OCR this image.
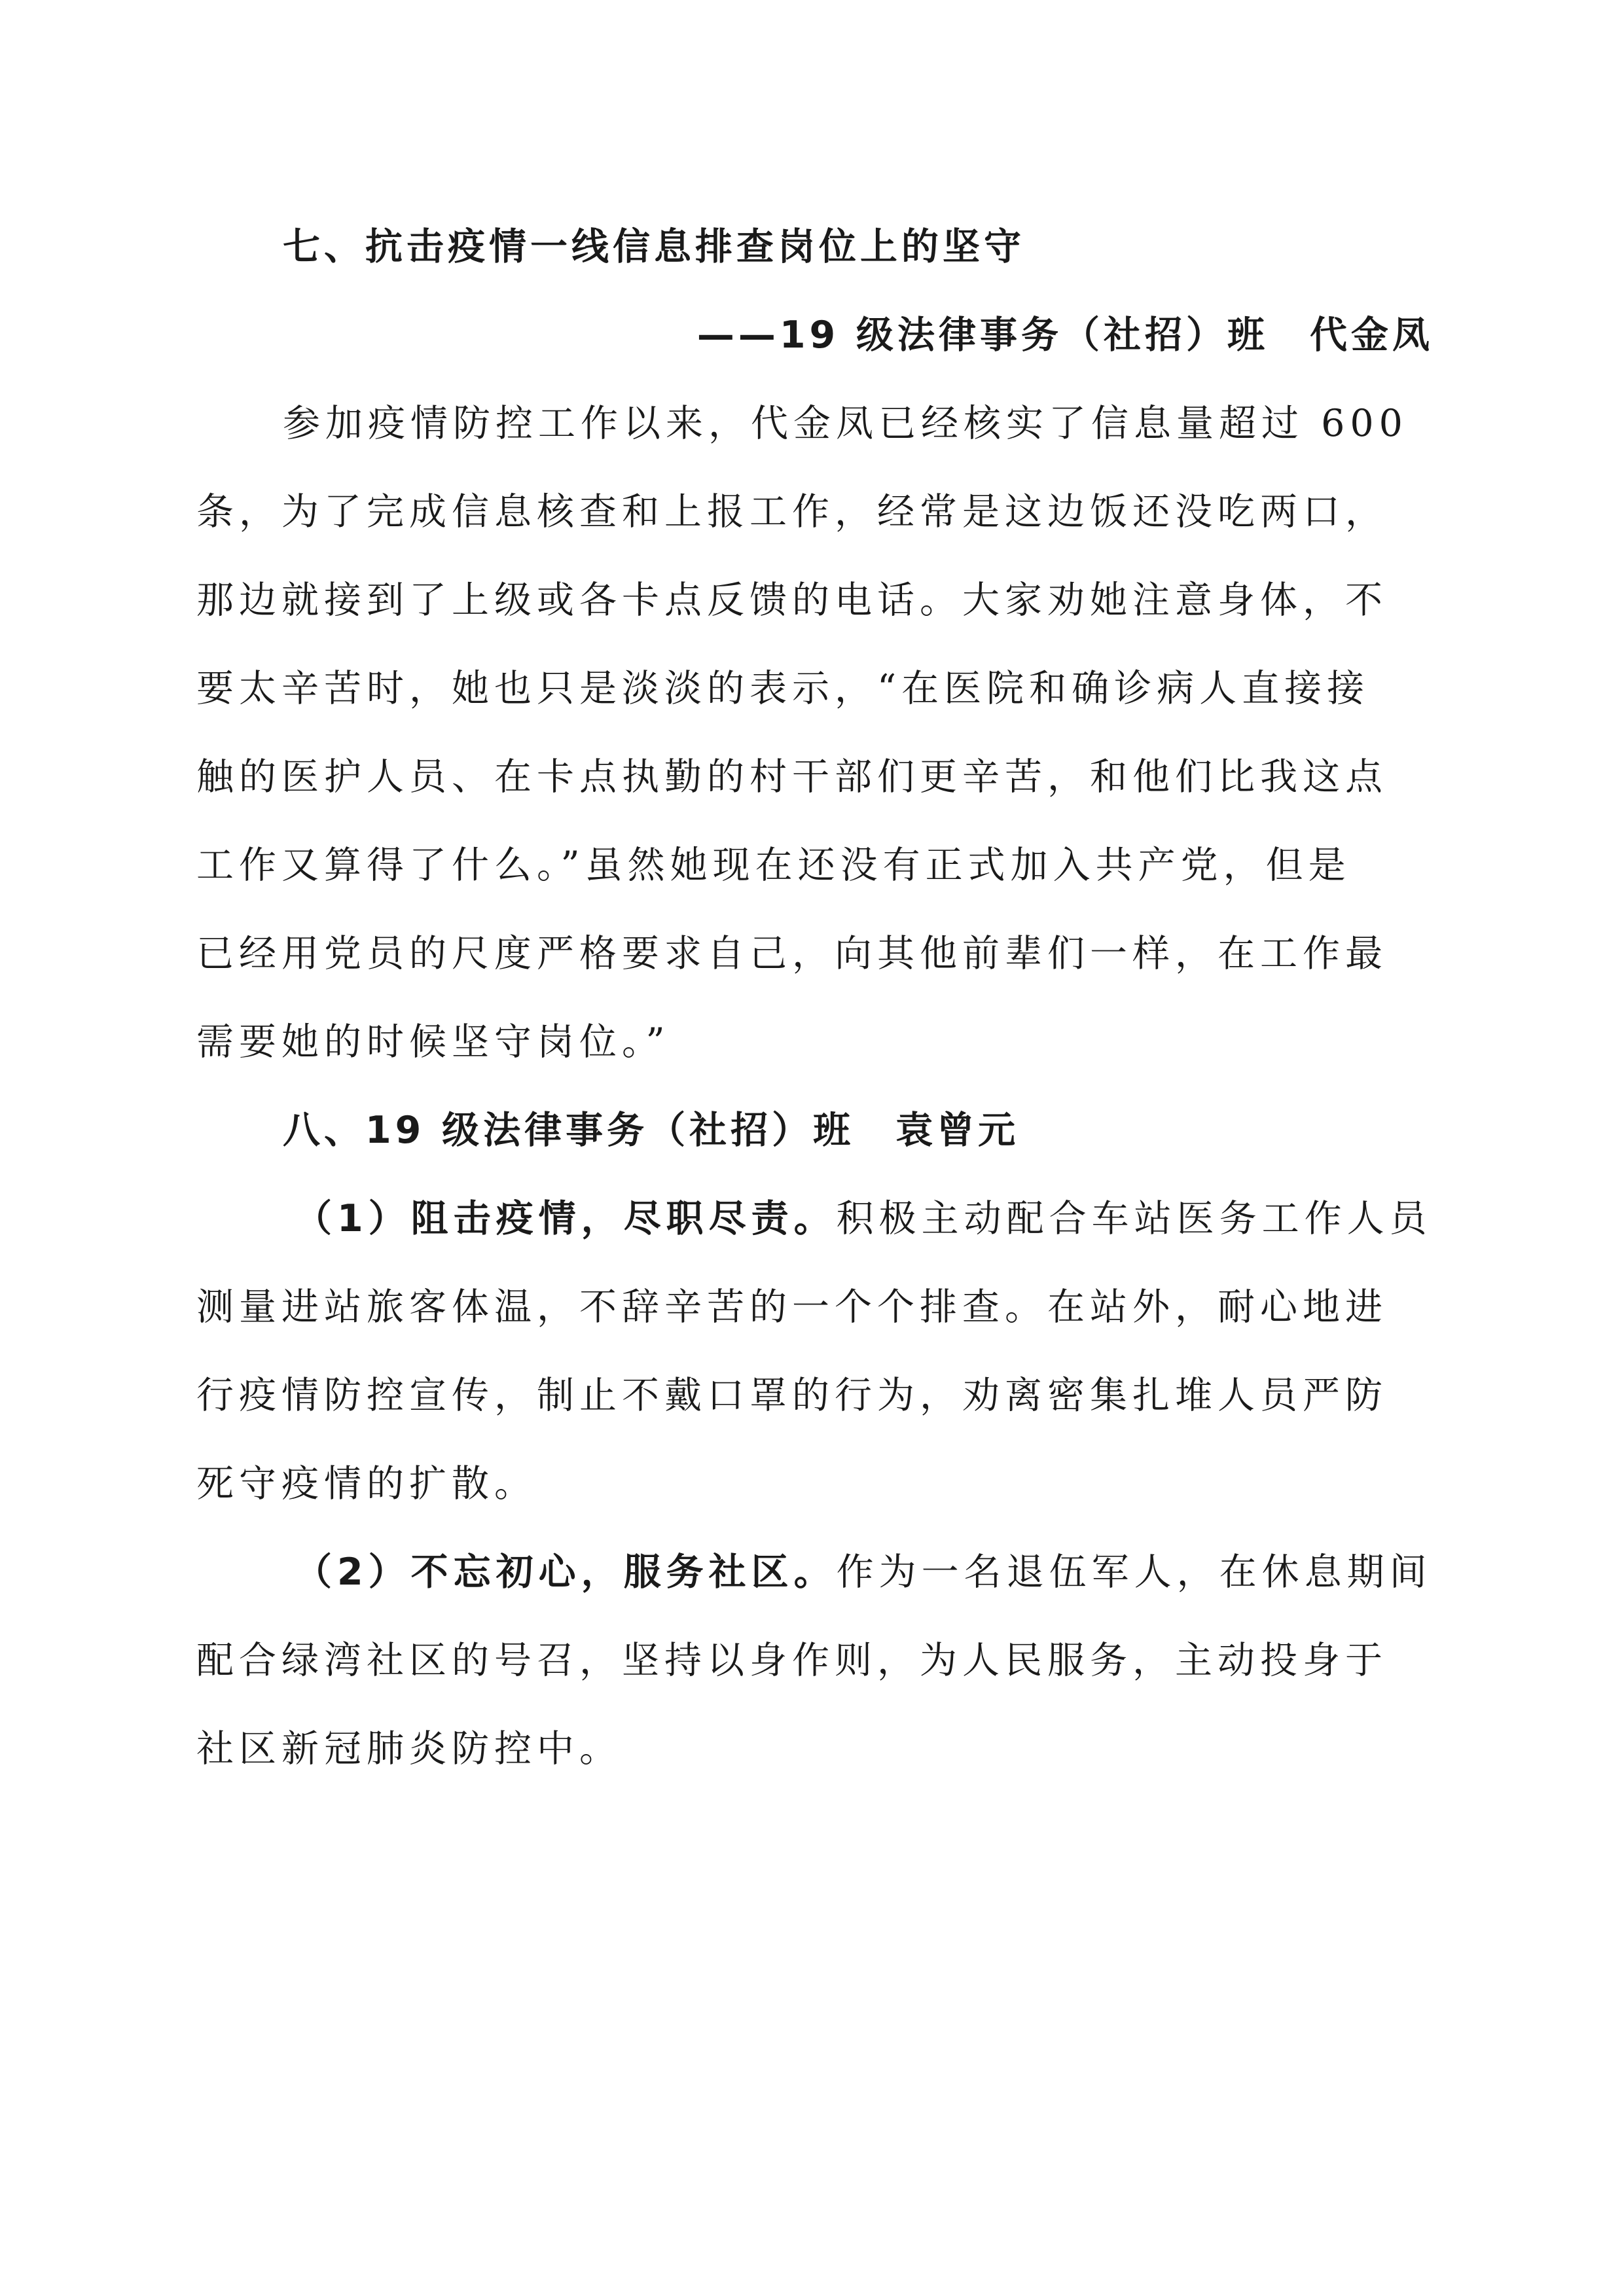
七、抗击疫情一线信息排查岗位上的坚守
——19 级法律事务（社招）班　代金凤
参加疫情防控工作以来，代金凤已经核实了信息量超过 600
条，为了完成信息核查和上报工作，经常是这边饭还没吃两口，
那边就接到了上级或各卡点反馈的电话。大家劝她注意身体，不
要太辛苦时，她也只是淡淡的表示，“在医院和确诊病人直接接
触的医护人员、在卡点执勤的村干部们更辛苦，和他们比我这点
工作又算得了什么。”虽然她现在还没有正式加入共产党，但是
已经用党员的尺度严格要求自己，向其他前辈们一样，在工作最
需要她的时候坚守岗位。”
八、19 级法律事务（社招）班　袁曾元
（1）阻击疫情，尽职尽责。积极主动配合车站医务工作人员
测量进站旅客体温，不辞辛苦的一个个排查。在站外，耐心地进
行疫情防控宣传，制止不戴口罩的行为，劝离密集扎堆人员严防
死守疫情的扩散。
（2）不忘初心，服务社区。作为一名退伍军人，在休息期间
配合绿湾社区的号召，坚持以身作则，为人民服务，主动投身于
社区新冠肺炎防控中。
